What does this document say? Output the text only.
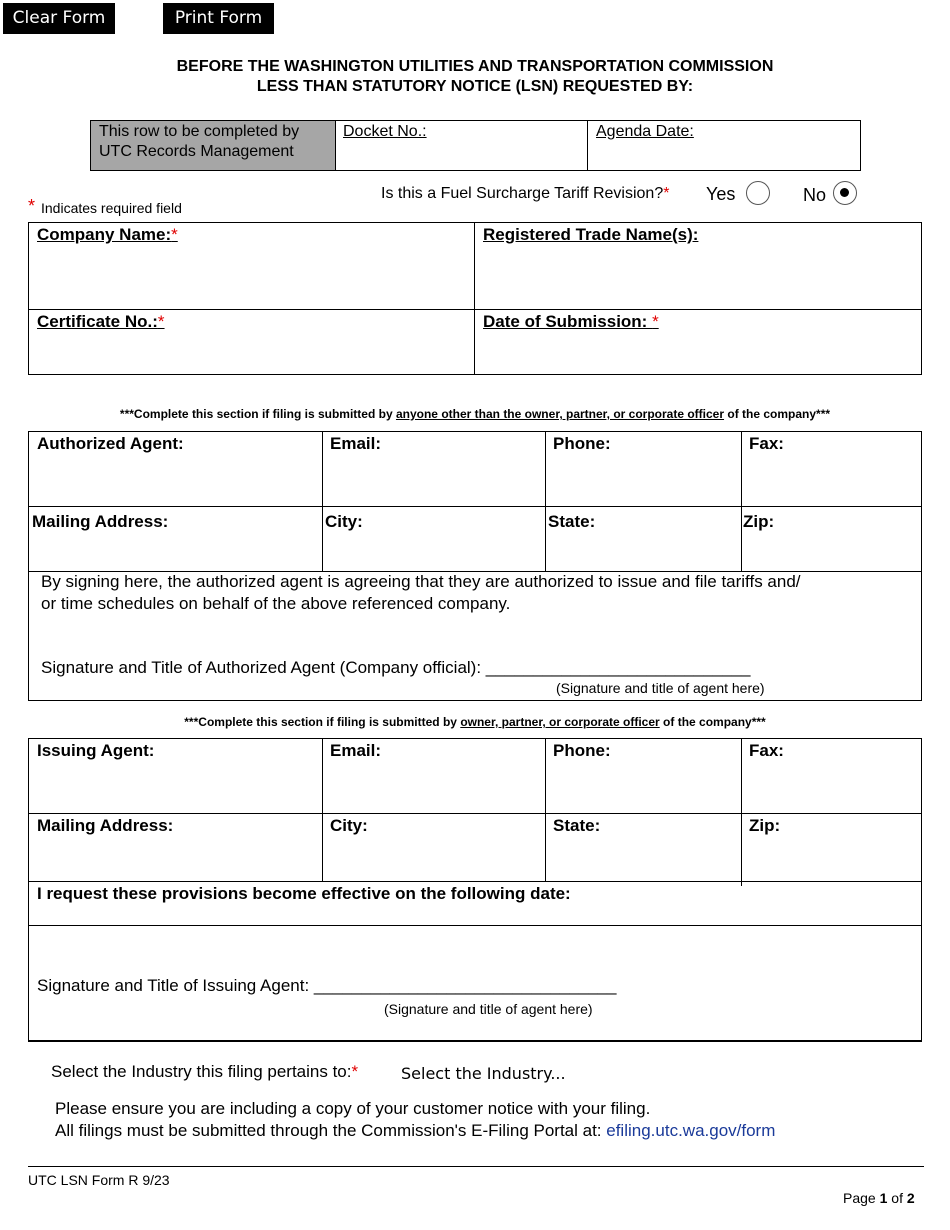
Clear Form	Print Form
BEFORE THE WASHINGTON UTILITIES AND TRANSPORTATION COMMISSION
LESS THAN STATUTORY NOTICE (LSN) REQUESTED BY:
This row to be completed by
UTC Records Management
Docket No.:	Agenda Date:
* Indicates required field
Is this a Fuel Surcharge Tariff Revision?* Yes	No
Company Name:*	Registered Trade Name(s):
Certificate No.:*	Date of Submission: *
***Complete this section if filing is submitted by anyone other than the owner, partner, or corporate officer of the company***
Authorized Agent:	Email:	Phone:	Fax:
Mailing Address:	City:	State:	Zip:
By signing here, the authorized agent is agreeing that they are authorized to issue and file tariffs and/
or time schedules on behalf of the above referenced company.
Signature and Title of Authorized Agent (Company official): ____________________________
(Signature and title of agent here)
***Complete this section if filing is submitted by owner, partner, or corporate officer of the company***
Issuing Agent:	Email:	Phone:	Fax:
Mailing Address:	City:	State:	Zip:
I request these provisions become effective on the following date:
Signature and Title of Issuing Agent: ________________________________
(Signature and title of agent here)
Select the Industry this filing pertains to:*	Select the Industry...
Please ensure you are including a copy of your customer notice with your filing.
All filings must be submitted through the Commission's E-Filing Portal at: efiling.utc.wa.gov/form
UTC LSN Form R 9/23
Page 1 of 2
